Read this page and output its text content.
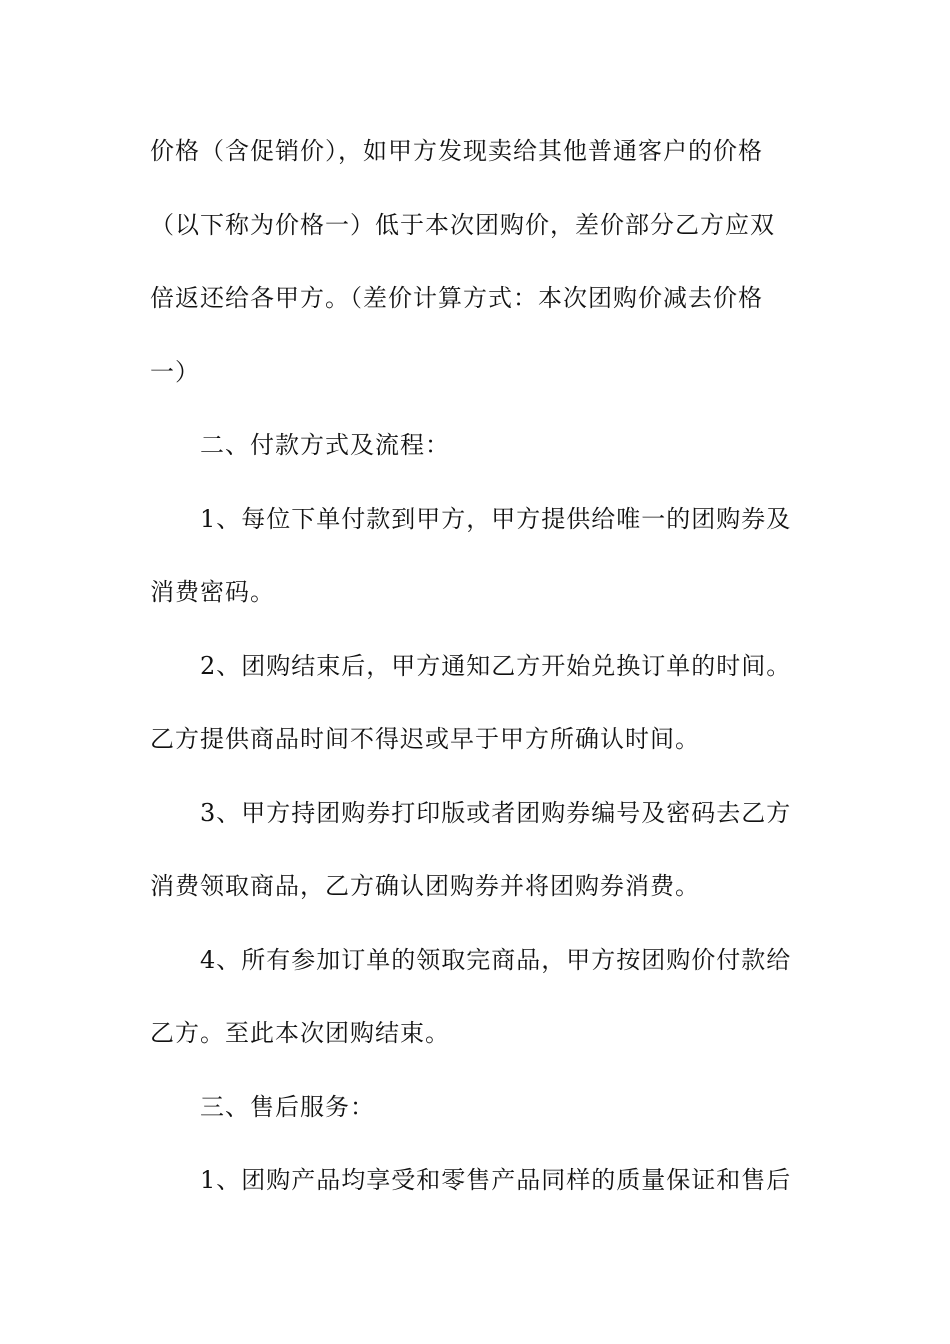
价格（含促销价），如甲方发现卖给其他普通客户的价格
（以下称为价格一）低于本次团购价，差价部分乙方应双
倍返还给各甲方。（差价计算方式：本次团购价减去价格
一）
二、付款方式及流程：
1、每位下单付款到甲方，甲方提供给唯一的团购券及
消费密码。
2、团购结束后，甲方通知乙方开始兑换订单的时间。
乙方提供商品时间不得迟或早于甲方所确认时间。
3、甲方持团购券打印版或者团购券编号及密码去乙方
消费领取商品，乙方确认团购券并将团购券消费。
4、所有参加订单的领取完商品，甲方按团购价付款给
乙方。至此本次团购结束。
三、售后服务：
1、团购产品均享受和零售产品同样的质量保证和售后
